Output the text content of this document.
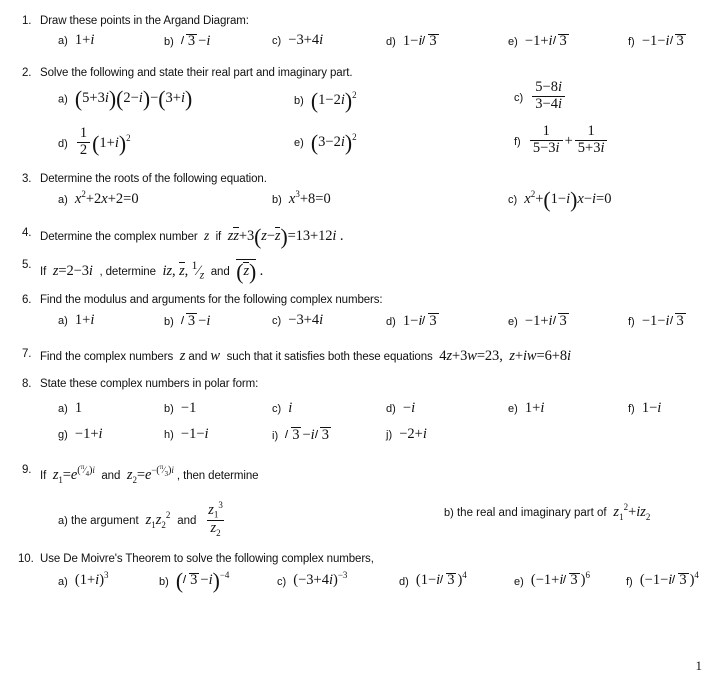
1. Draw these points in the Argand Diagram:
a)  1+i	b) 3 −i	c)  −3+4i	d)  1−i 3	e)  −1+i 3	f)  −1−i 3
2. Solve the following and state their real part and imaginary part.
a) (5+3i)(2−i)−(3+i)	b) $(1-2i)^2$	$c) \frac{5-8i}{3-4i}$
$d) \frac{1}{2} (1+i)^2$	e) $(3-2i)^2$	$f) \frac{1}{5-3i} + \frac{1}{5+3i}$
3. Determine the roots of the following equation.
a) $x^2+2x+2=0$	b) $x^3+8=0$	c) $x^2+(1-i)x-i=0$
4. Determine the complex number z if zz+3(z−z)=13+12i .
5.
If z=2−3i , determine iz, z, $^1⁄_z$ and (z) .
6. Find the modulus and arguments for the following complex numbers:
a)  1+i	b) 3 −i	c)  −3+4i	d)  1−i 3	e)  −1+i 3	f)  −1−i 3
7. Find the complex numbers z and w such that it satisfies both these equations  4z+3w=23, z+iw=6+8i
8. State these complex numbers in polar form:
a)  1	b)  −1	c) i	d)  −i	e)  1+i	f)  1−i
g)  −1+i	h)  −1−i	i) 3 −i 3	j)  −2+i
9. If $z_1=e^{(^\pi⁄_4)i}$ and $z_2=e^{-(^\pi⁄_3)i}$ , then determine
a) the argument $z_1z_2^2$ and $\frac{z_1^3}{z_2}$	b) the real and imaginary part of $z_1^2+iz_2$
10. Use De Moivre's Theorem to solve the following complex numbers,
a)  $(1+i)^3$	b) ( 3 −i)$^{-4}$	c)  $(-3+4i)^{-3}$	d)  (1−i 3 )$^4$	e)  (−1+i 3 )$^6$	f)  (−1−i 3 )$^4$
1
